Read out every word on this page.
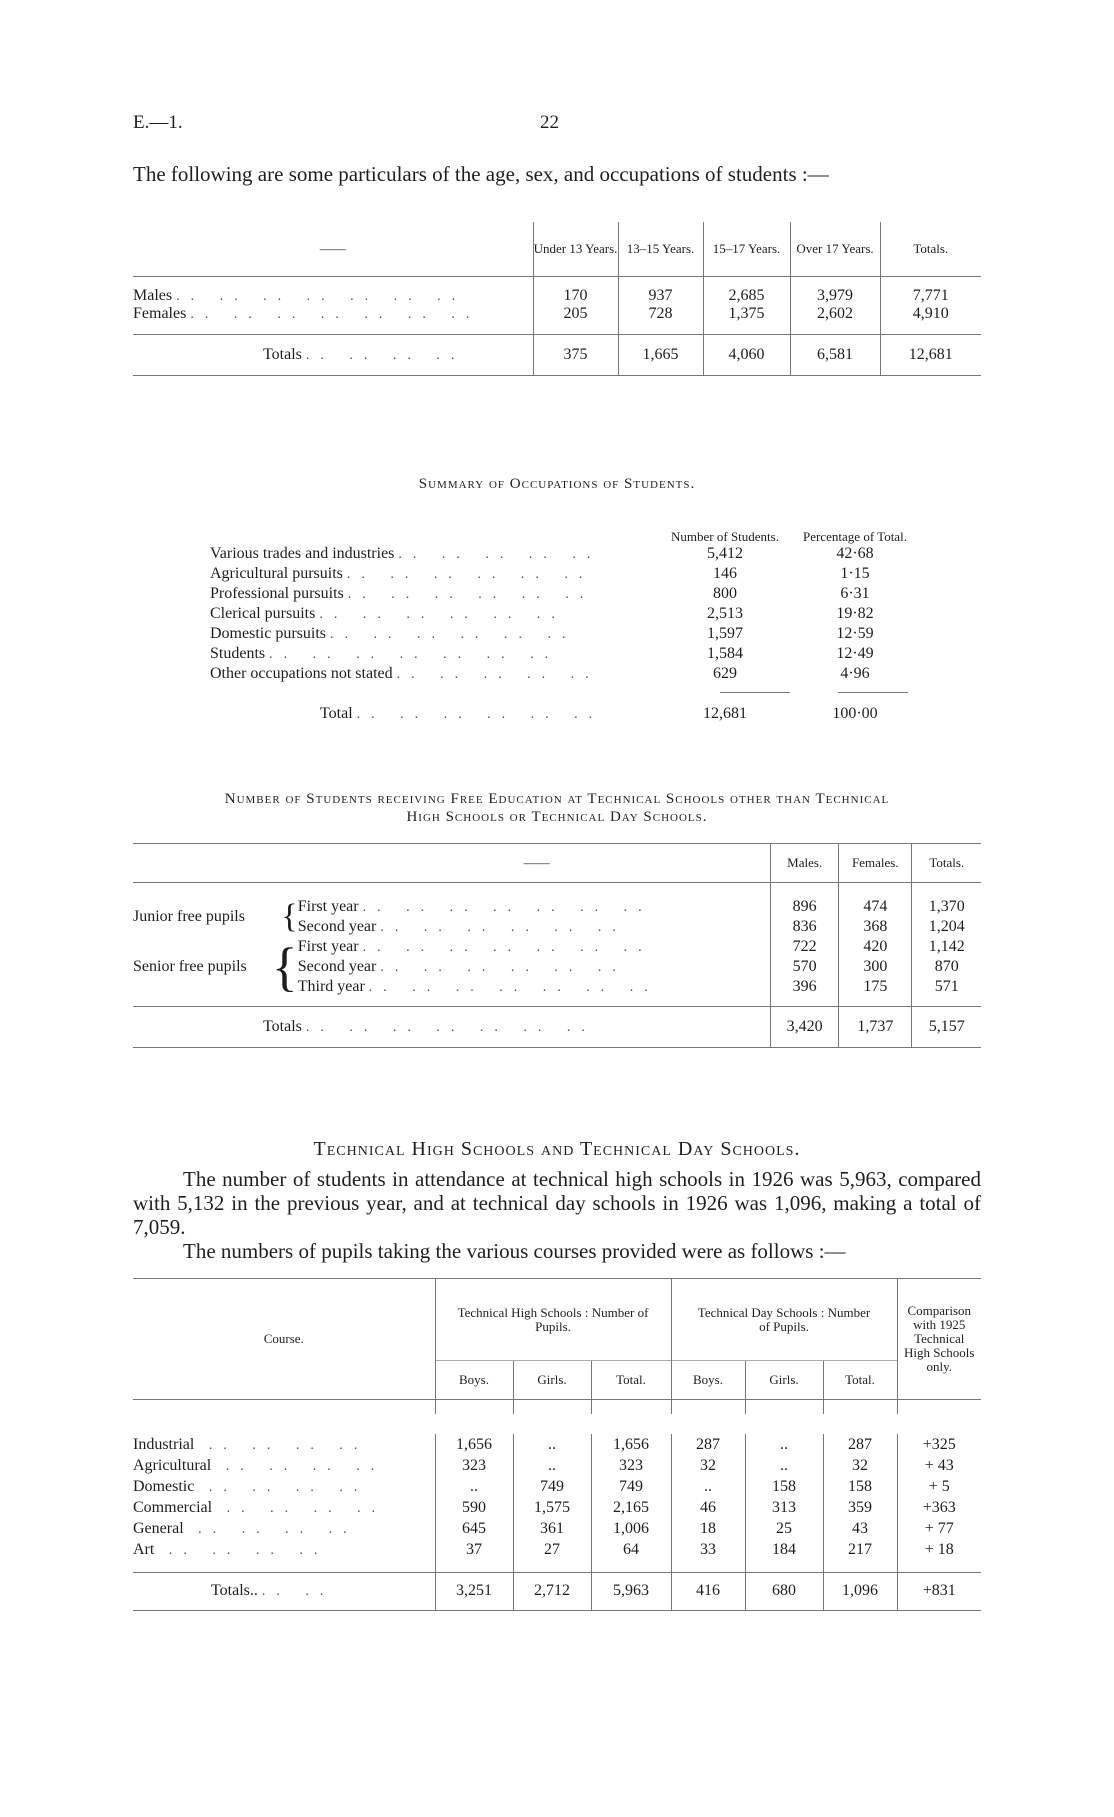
E.—1.	22
The following are some particulars of the age, sex, and occupations of students :—
——	Under 13 Years.	13–15 Years.	15–17 Years.	Over 17 Years.	Totals.

Males .. .. .. .. .. .. ..	170	937	2,685	3,979	7,771
Females .. .. .. .. .. .. ..	205	728	1,375	2,602	4,910

Totals .. .. .. ..	375	1,665	4,060	6,581	12,681
Summary of Occupations of Students.
	Number of Students.	Percentage of Total.
Various trades and industries .. .. .. .. ..	5,412	42·68
Agricultural pursuits .. .. .. .. .. ..	146	1·15
Professional pursuits .. .. .. .. .. ..	800	6·31
Clerical pursuits .. .. .. .. .. ..	2,513	19·82
Domestic pursuits .. .. .. .. .. ..	1,597	12·59
Students .. .. .. .. .. .. ..	1,584	12·49
Other occupations not stated .. .. .. .. ..	629	4·96

Total .. .. .. .. .. ..	12,681	100·00
Number of Students receiving Free Education at Technical Schools other than Technical
High Schools or Technical Day Schools.
——			Males.	Females.	Totals.

Junior free pupils	{	First year .. .. .. .. .. .. ..	896	474	1,370
		Second year .. .. .. .. .. ..	836	368	1,204
Senior free pupils	{	First year .. .. .. .. .. .. ..	722	420	1,142
		Second year .. .. .. .. .. ..	570	300	870
		Third year .. .. .. .. .. .. ..	396	175	571

Totals .. .. .. .. .. .. ..			3,420	1,737	5,157
Technical High Schools and Technical Day Schools.

The number of students in attendance at technical high schools in 1926 was 5,963, compared with 5,132 in the previous year, and at technical day schools in 1926 was 1,096, making a total of 7,059.

The numbers of pupils taking the various courses provided were as follows :—

Course.	Technical High Schools : Number of Pupils.			Technical Day Schools : Number of Pupils.			Comparison with 1925 Technical High Schools only.
	Boys.	Girls.	Total.	Boys.	Girls.	Total.	

Industrial .. .. .. ..	1,656	..	1,656	287	..	287	+325
Agricultural .. .. .. ..	323	..	323	32	..	32	+ 43
Domestic .. .. .. ..	..	749	749	..	158	158	+ 5
Commercial .. .. .. ..	590	1,575	2,165	46	313	359	+363
General .. .. .. ..	645	361	1,006	18	25	43	+ 77
Art .. .. .. ..	37	27	64	33	184	217	+ 18

Totals.. .. ..	3,251	2,712	5,963	416	680	1,096	+831
